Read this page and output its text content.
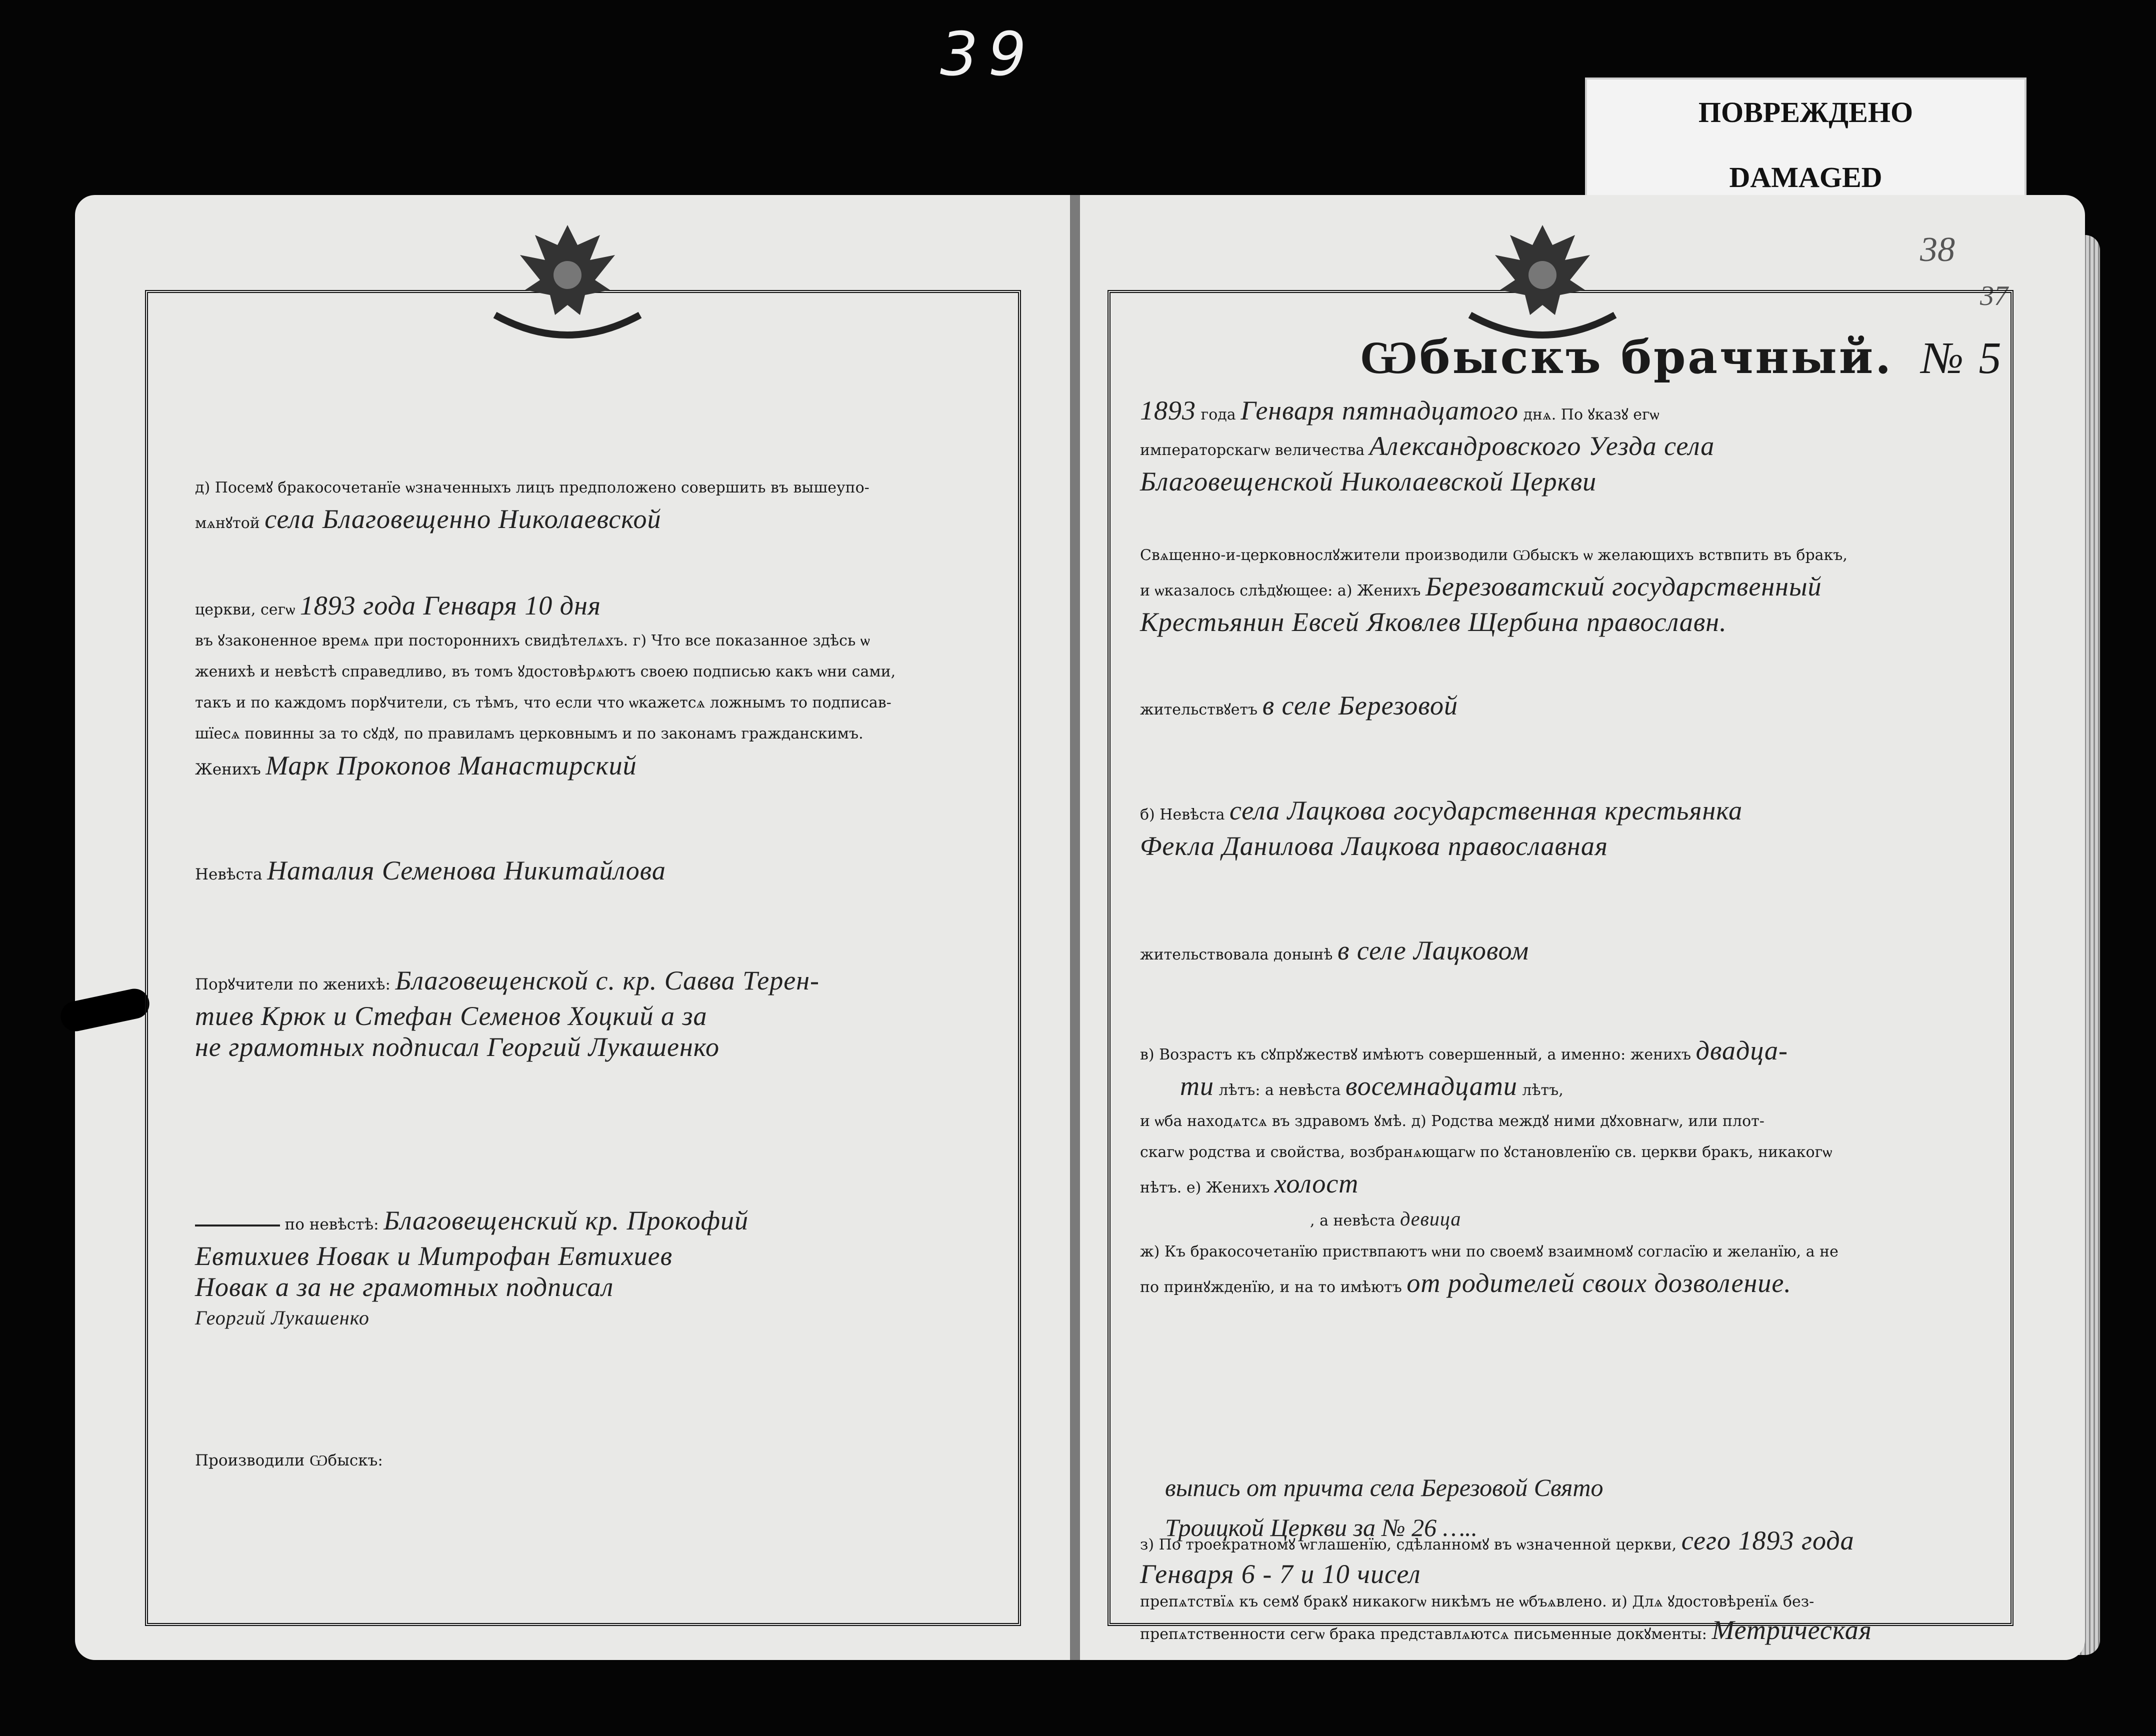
39
ПОВРЕЖДЕНО
DAMAGED
д) Посемꙋ бракосочетанїе ѡзначенныхъ лицъ предположено совершить въ вышеупо-
мѧнꙋтой села Благовещенно Николаевской
церкви, сегѡ 1893 года Генваря 10 дня
въ ꙋзаконенное времѧ при постороннихъ свидѣтелѧхъ. г) Что все показанное здѣсь ѡ
женихѣ и невѣстѣ справедливо, въ томъ ꙋдостовѣрѧютъ своею подписью какъ ѡни сами,
такъ и по каждомъ порꙋчители, съ тѣмъ, что если что ѡкажетсѧ ложнымъ то подписав-
шїесѧ повинны за то сꙋдꙋ, по правиламъ церковнымъ и по законамъ гражданскимъ.
Женихъ Марк Прокопов Манастирский
Невѣста Наталия Семенова Никитайлова
Порꙋчители по женихѣ: Благовещенской с. кр. Савва Терен-
тиев Крюк и Стефан Семенов Хоцкий а за
не грамотных подписал Георгий Лукашенко
по невѣстѣ: Благовещенский кр. Прокофий
Евтихиев Новак и Митрофан Евтихиев
Новак а за не грамотных подписал
Георгий Лукашенко
Производили Ѡбыскъ:
38
37
Ѡбыскъ брачный. № 5
1893 года Генваря пятнадцатого днѧ. По ꙋказꙋ егѡ
императорскагѡ величества Александровского Уезда села
Благовещенской Николаевской Церкви
Свѧщенно-и-церковнослꙋжители производили Ѡбыскъ ѡ желающихъ вствпить въ бракъ,
и ѡказалось слѣдꙋющее: а) Женихъ Березоватский государственный
Крестьянин Евсей Яковлев Щербина православн.
жительствꙋетъ в селе Березовой
б) Невѣста села Лацкова государственная крестьянка
Фекла Данилова Лацкова православная
жительствовала донынѣ в селе Лацковом
в) Возрастъ къ сꙋпрꙋжествꙋ имѣютъ совершенный, а именно: женихъ двадца-
ти лѣтъ: а невѣста восемнадцати лѣтъ,
и ѡба находѧтсѧ въ здравомъ ꙋмѣ. д) Родства междꙋ ними дꙋховнагѡ, или плот-
скагѡ родства и свойства, возбранѧющагѡ по ꙋстановленїю св. церкви бракъ, никакогѡ
нѣтъ. е) Женихъ холост
, а невѣста девица
ж) Къ бракосочетанїю приствпаютъ ѡни по своемꙋ взаимномꙋ согласїю и желанїю, а не
по принꙋжденїю, и на то имѣютъ от родителей своих дозволение.
з) По троекратномꙋ ѡглашенїю, сдѣланномꙋ въ ѡзначенной церкви, сего 1893 года
Генваря 6 - 7 и 10 чисел
препѧтствїѧ къ семꙋ бракꙋ никакогѡ никѣмъ не ѡбъѧвлено. и) Длѧ ꙋдостовѣренїѧ без-
препѧтственности сегѡ брака представлѧютсѧ письменные докꙋменты: Метрическая
выпись от причта села Березовой Свято
Троицкой Церкви за № 26 …..
